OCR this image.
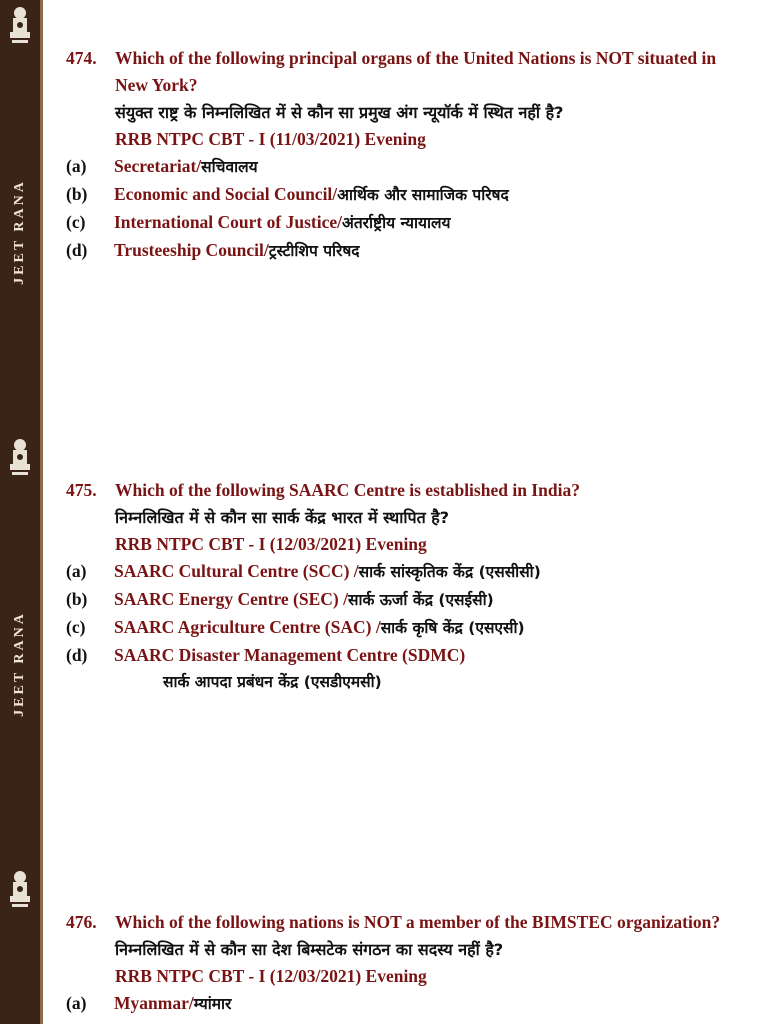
JEET RANA
474.	Which of the following principal organs of the United Nations is NOT situated in
New York?
संयुक्त राष्ट्र के निम्नलिखित में से कौन सा प्रमुख अंग न्यूयॉर्क में स्थित नहीं है?
RRB NTPC CBT - I (11/03/2021) Evening
(a)	Secretariat/सचिवालय
(b)	Economic and Social Council/आर्थिक और सामाजिक परिषद
(c)	International Court of Justice/अंतर्राष्ट्रीय न्यायालय
(d)	Trusteeship Council/ट्रस्टीशिप परिषद
JEET RANA
475.	Which of the following SAARC Centre is established in India?
निम्नलिखित में से कौन सा सार्क केंद्र भारत में स्थापित है?
RRB NTPC CBT - I (12/03/2021) Evening
(a)	SAARC Cultural Centre (SCC) /सार्क सांस्कृतिक केंद्र (एससीसी)
(b)	SAARC Energy Centre (SEC) /सार्क ऊर्जा केंद्र (एसईसी)
(c)	SAARC Agriculture Centre (SAC) /सार्क कृषि केंद्र (एसएसी)
(d)	SAARC Disaster Management Centre (SDMC)
सार्क आपदा प्रबंधन केंद्र (एसडीएमसी)
476.	Which of the following nations is NOT a member of the BIMSTEC organization?
निम्नलिखित में से कौन सा देश बिम्सटेक संगठन का सदस्य नहीं है?
RRB NTPC CBT - I (12/03/2021) Evening
(a)	Myanmar/म्यांमार
